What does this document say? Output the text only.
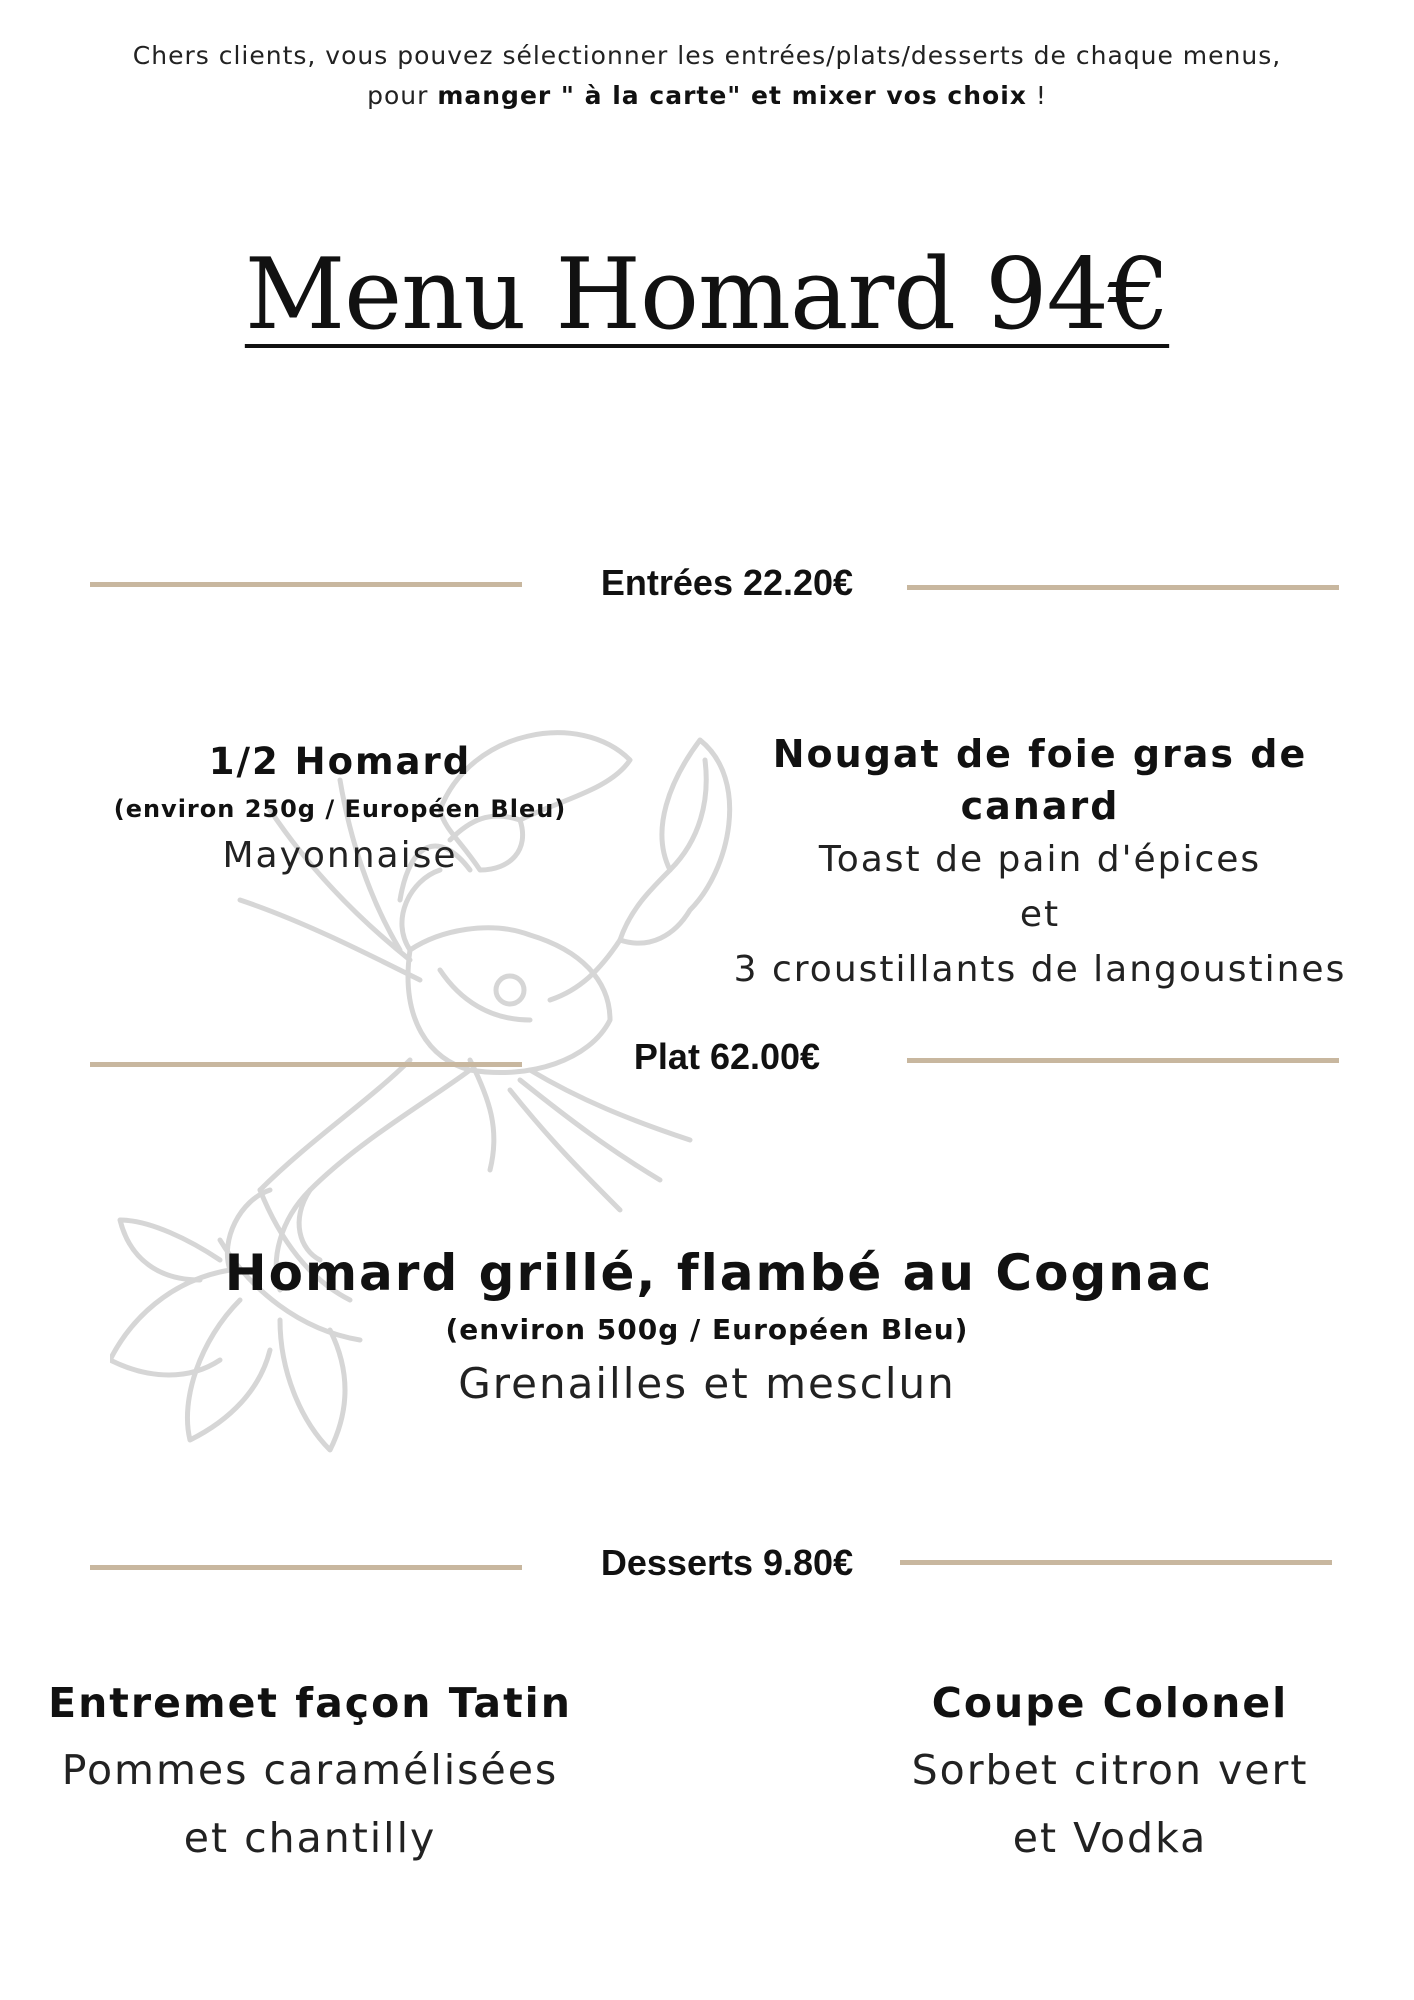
Chers clients, vous pouvez sélectionner les entrées/plats/desserts de chaque menus,
pour manger " à la carte" et mixer vos choix !
Menu Homard 94€
Entrées 22.20€
1/2 Homard
(environ 250g / Européen Bleu)
Mayonnaise
Nougat de foie gras de canard
Toast de pain d'épices
et
3 croustillants de langoustines
Plat 62.00€
Homard grillé, flambé au Cognac
(environ 500g / Européen Bleu)
Grenailles et mesclun
Desserts 9.80€
Entremet façon Tatin
Pommes caramélisées
et chantilly
Coupe Colonel
Sorbet citron vert
et Vodka
